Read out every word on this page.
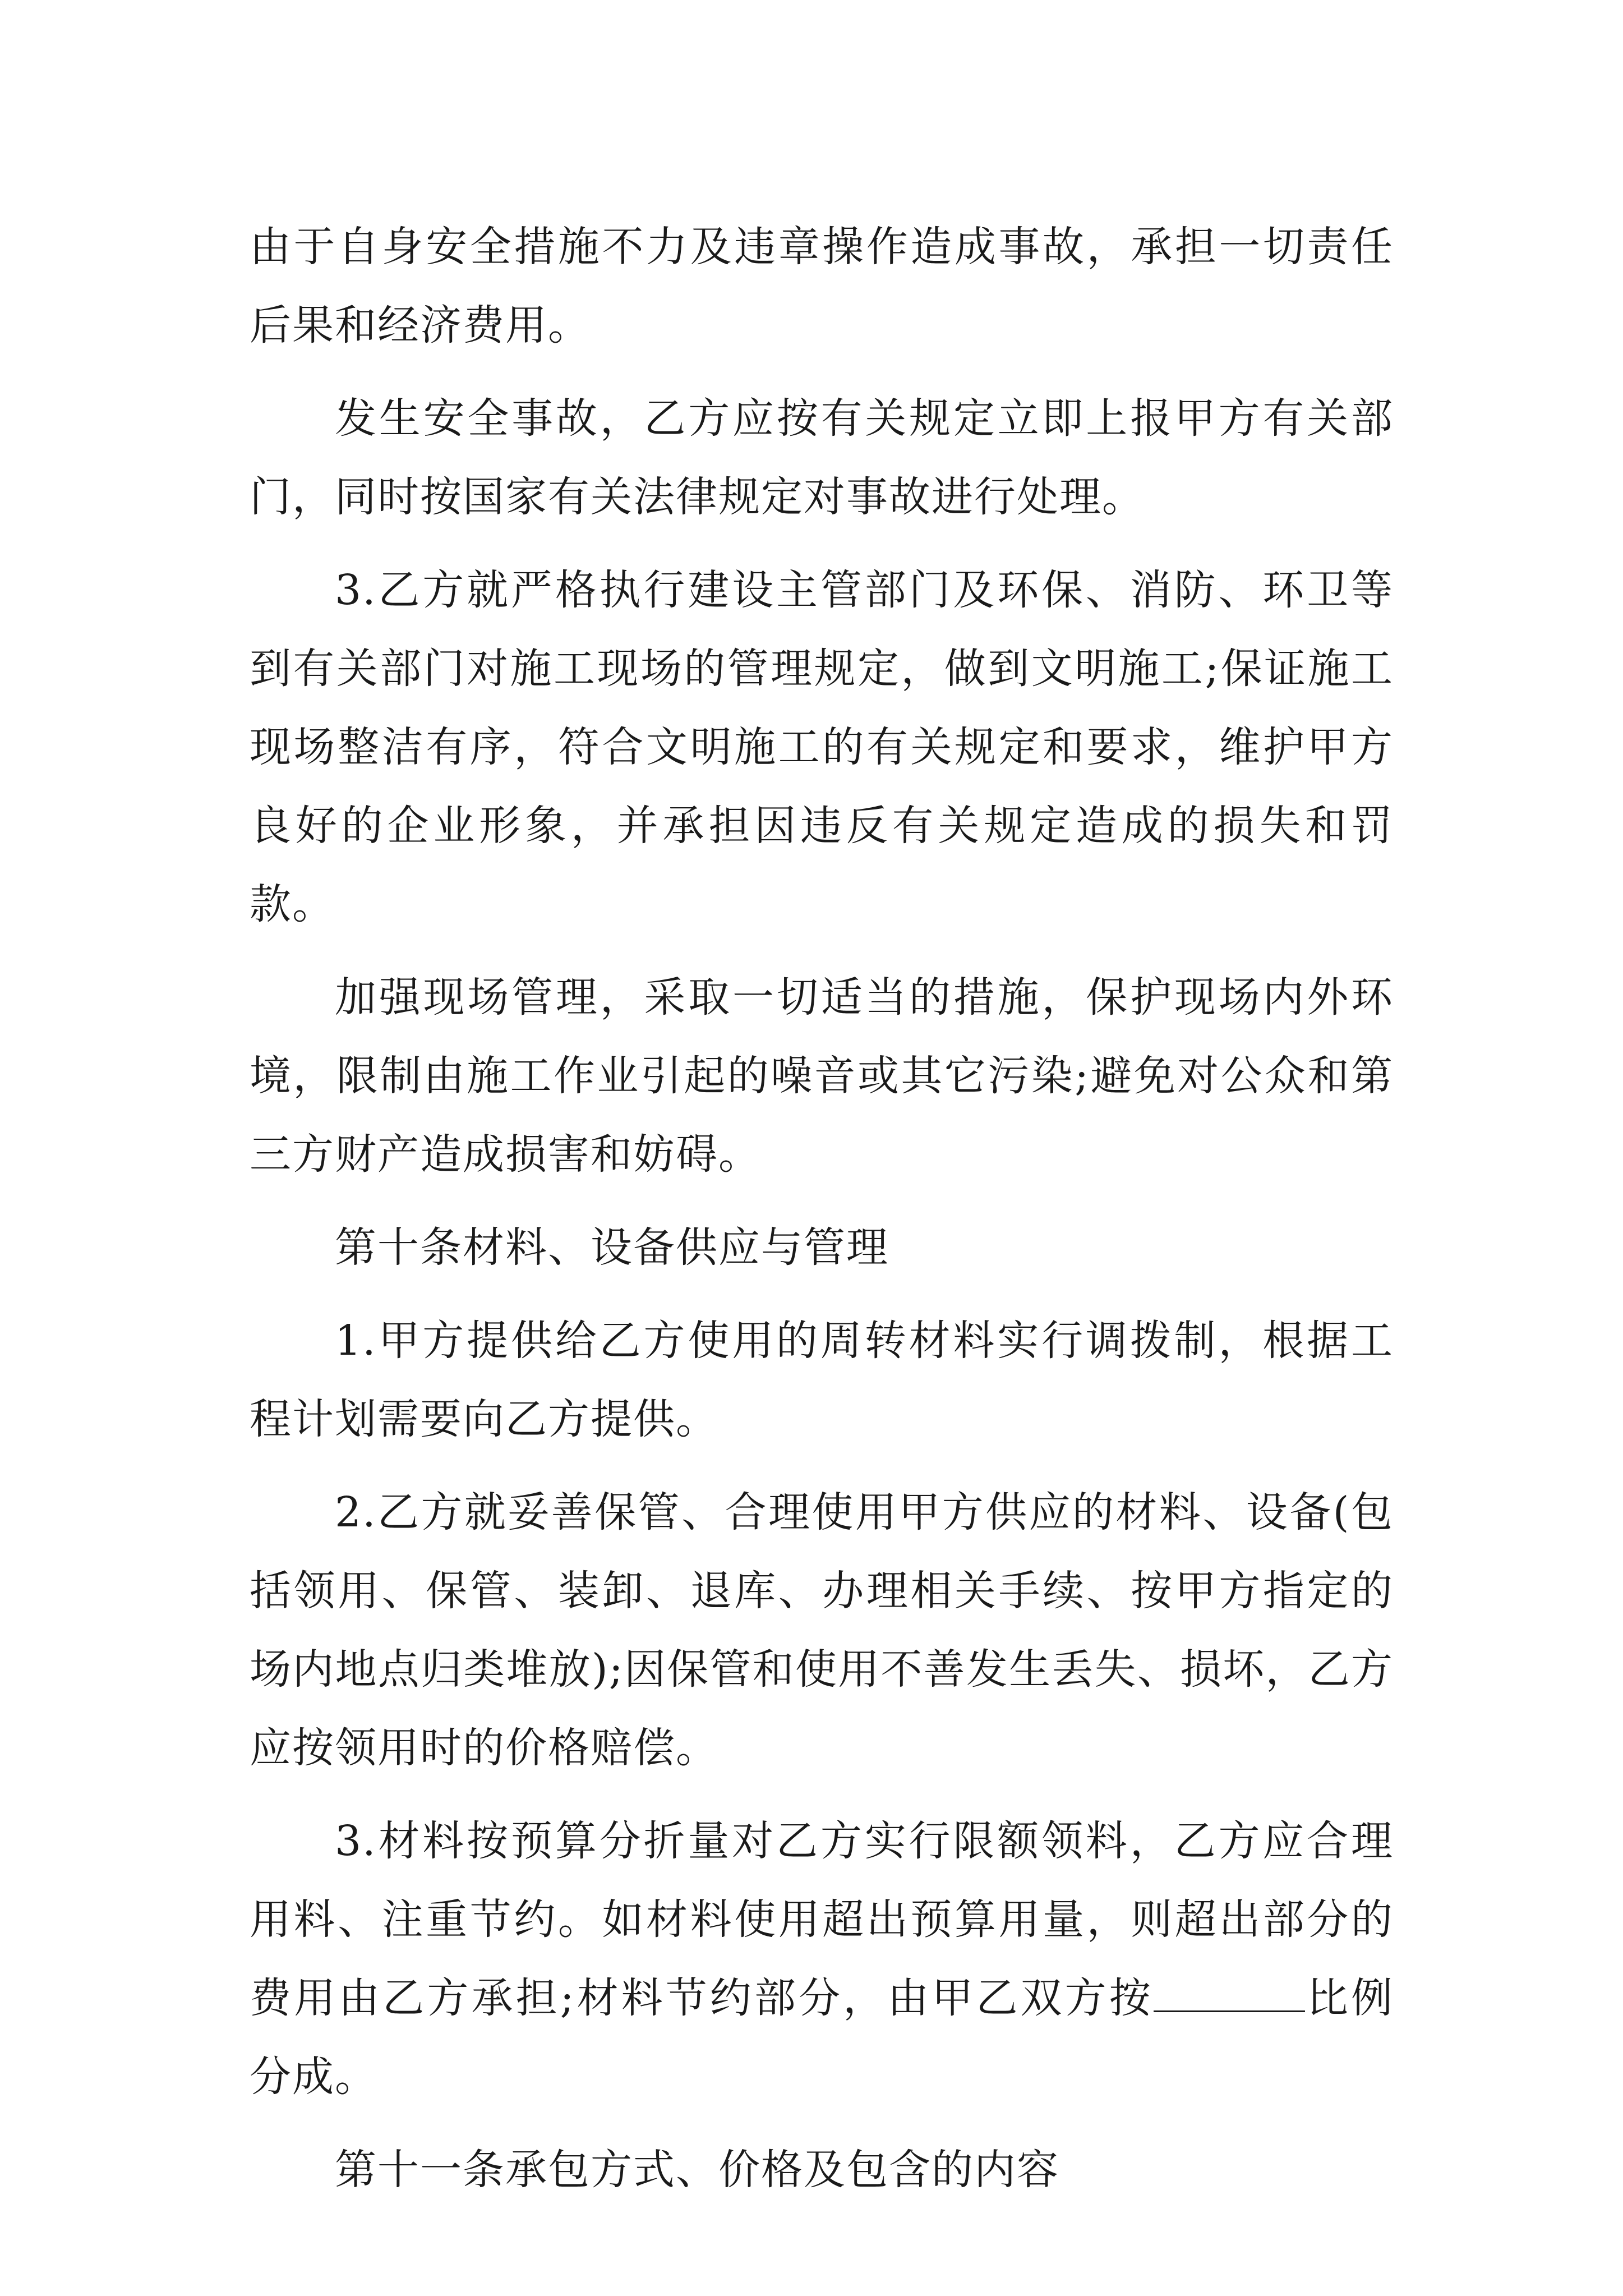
由于自身安全措施不力及违章操作造成事故，承担一切责任后果和经济费用。

发生安全事故，乙方应按有关规定立即上报甲方有关部门，同时按国家有关法律规定对事故进行处理。

3.乙方就严格执行建设主管部门及环保、消防、环卫等到有关部门对施工现场的管理规定，做到文明施工;保证施工现场整洁有序，符合文明施工的有关规定和要求，维护甲方良好的企业形象，并承担因违反有关规定造成的损失和罚款。

加强现场管理，采取一切适当的措施，保护现场内外环境，限制由施工作业引起的噪音或其它污染;避免对公众和第三方财产造成损害和妨碍。

第十条材料、设备供应与管理

1.甲方提供给乙方使用的周转材料实行调拨制，根据工程计划需要向乙方提供。

2.乙方就妥善保管、合理使用甲方供应的材料、设备(包括领用、保管、装卸、退库、办理相关手续、按甲方指定的场内地点归类堆放);因保管和使用不善发生丢失、损坏，乙方应按领用时的价格赔偿。

3.材料按预算分折量对乙方实行限额领料，乙方应合理用料、注重节约。如材料使用超出预算用量，则超出部分的费用由乙方承担;材料节约部分，由甲乙双方按	比例分成。

第十一条承包方式、价格及包含的内容
